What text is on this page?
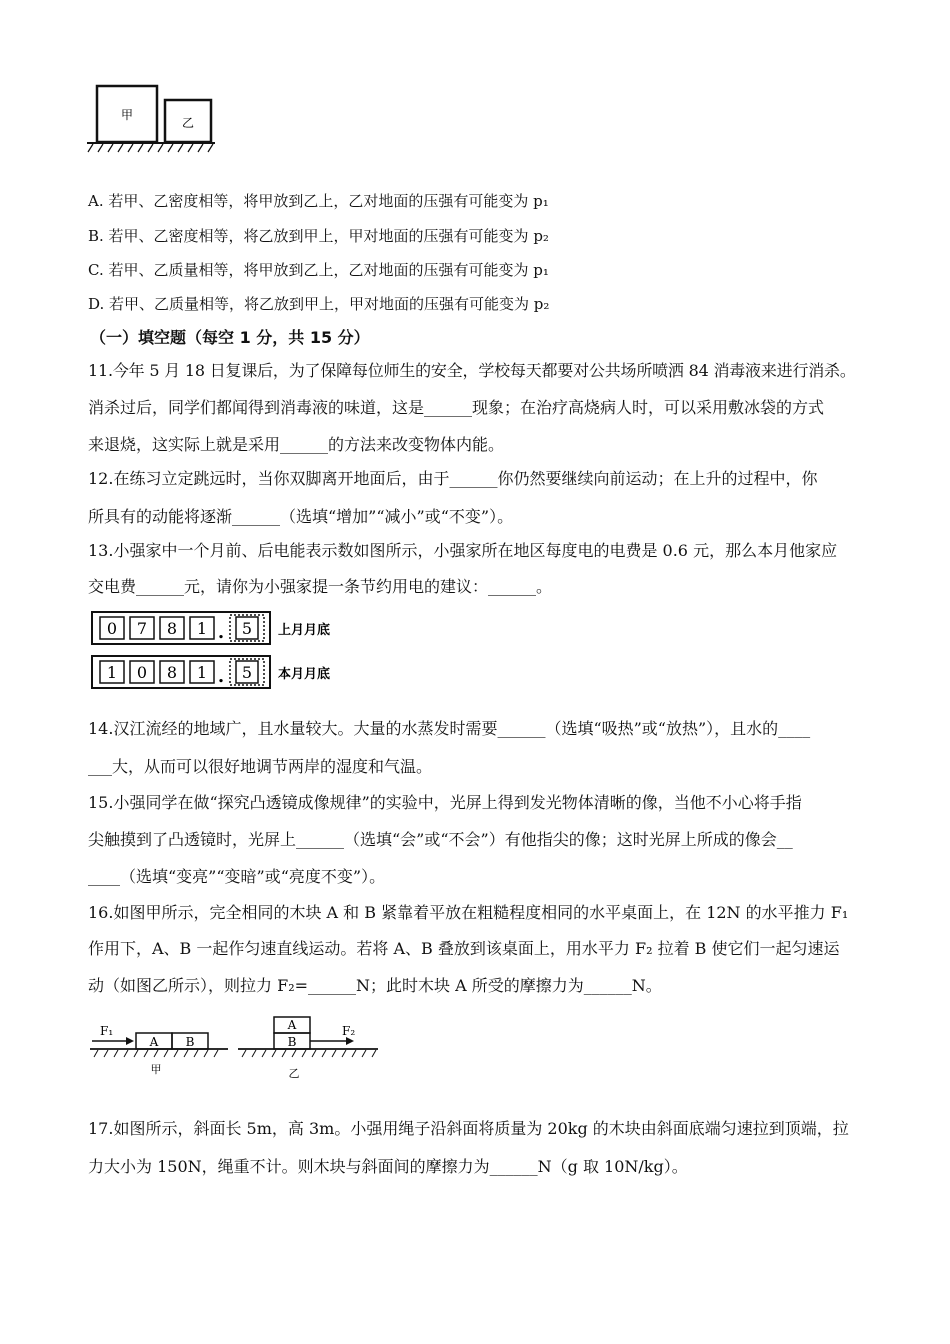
甲
乙
A. 若甲、乙密度相等，将甲放到乙上，乙对地面的压强有可能变为 p₁
B. 若甲、乙密度相等，将乙放到甲上，甲对地面的压强有可能变为 p₂
C. 若甲、乙质量相等，将甲放到乙上，乙对地面的压强有可能变为 p₁
D. 若甲、乙质量相等，将乙放到甲上，甲对地面的压强有可能变为 p₂
（一）填空题（每空 1 分，共 15 分）
11.今年 5 月 18 日复课后，为了保障每位师生的安全，学校每天都要对公共场所喷洒 84 消毒液来进行消杀。
消杀过后，同学们都闻得到消毒液的味道，这是______现象；在治疗高烧病人时，可以采用敷冰袋的方式
来退烧，这实际上就是采用______的方法来改变物体内能。
12.在练习立定跳远时，当你双脚离开地面后，由于______你仍然要继续向前运动；在上升的过程中，你
所具有的动能将逐渐______（选填“增加”“减小”或“不变”）。
13.小强家中一个月前、后电能表示数如图所示，小强家所在地区每度电的电费是 0.6 元，那么本月他家应
交电费______元，请你为小强家提一条节约用电的建议：______。
0 7 8 1 . 5 上月月底
1 0 8 1 . 5 本月月底
14.汉江流经的地域广，且水量较大。大量的水蒸发时需要______（选填“吸热”或“放热”），且水的____
___大，从而可以很好地调节两岸的湿度和气温。
15.小强同学在做“探究凸透镜成像规律”的实验中，光屏上得到发光物体清晰的像，当他不小心将手指
尖触摸到了凸透镜时，光屏上______（选填“会”或“不会”）有他指尖的像；这时光屏上所成的像会__
____（选填“变亮”“变暗”或“亮度不变”）。
16.如图甲所示，完全相同的木块 A 和 B 紧靠着平放在粗糙程度相同的水平桌面上，在 12N 的水平推力 F₁
作用下，A、B 一起作匀速直线运动。若将 A、B 叠放到该桌面上，用水平力 F₂ 拉着 B 使它们一起匀速运
动（如图乙所示），则拉力 F₂=______N；此时木块 A 所受的摩擦力为______N。
F₁
A B
甲
F₂
A
B
乙
17.如图所示，斜面长 5m，高 3m。小强用绳子沿斜面将质量为 20kg 的木块由斜面底端匀速拉到顶端，拉
力大小为 150N，绳重不计。则木块与斜面间的摩擦力为______N（g 取 10N/kg）。
